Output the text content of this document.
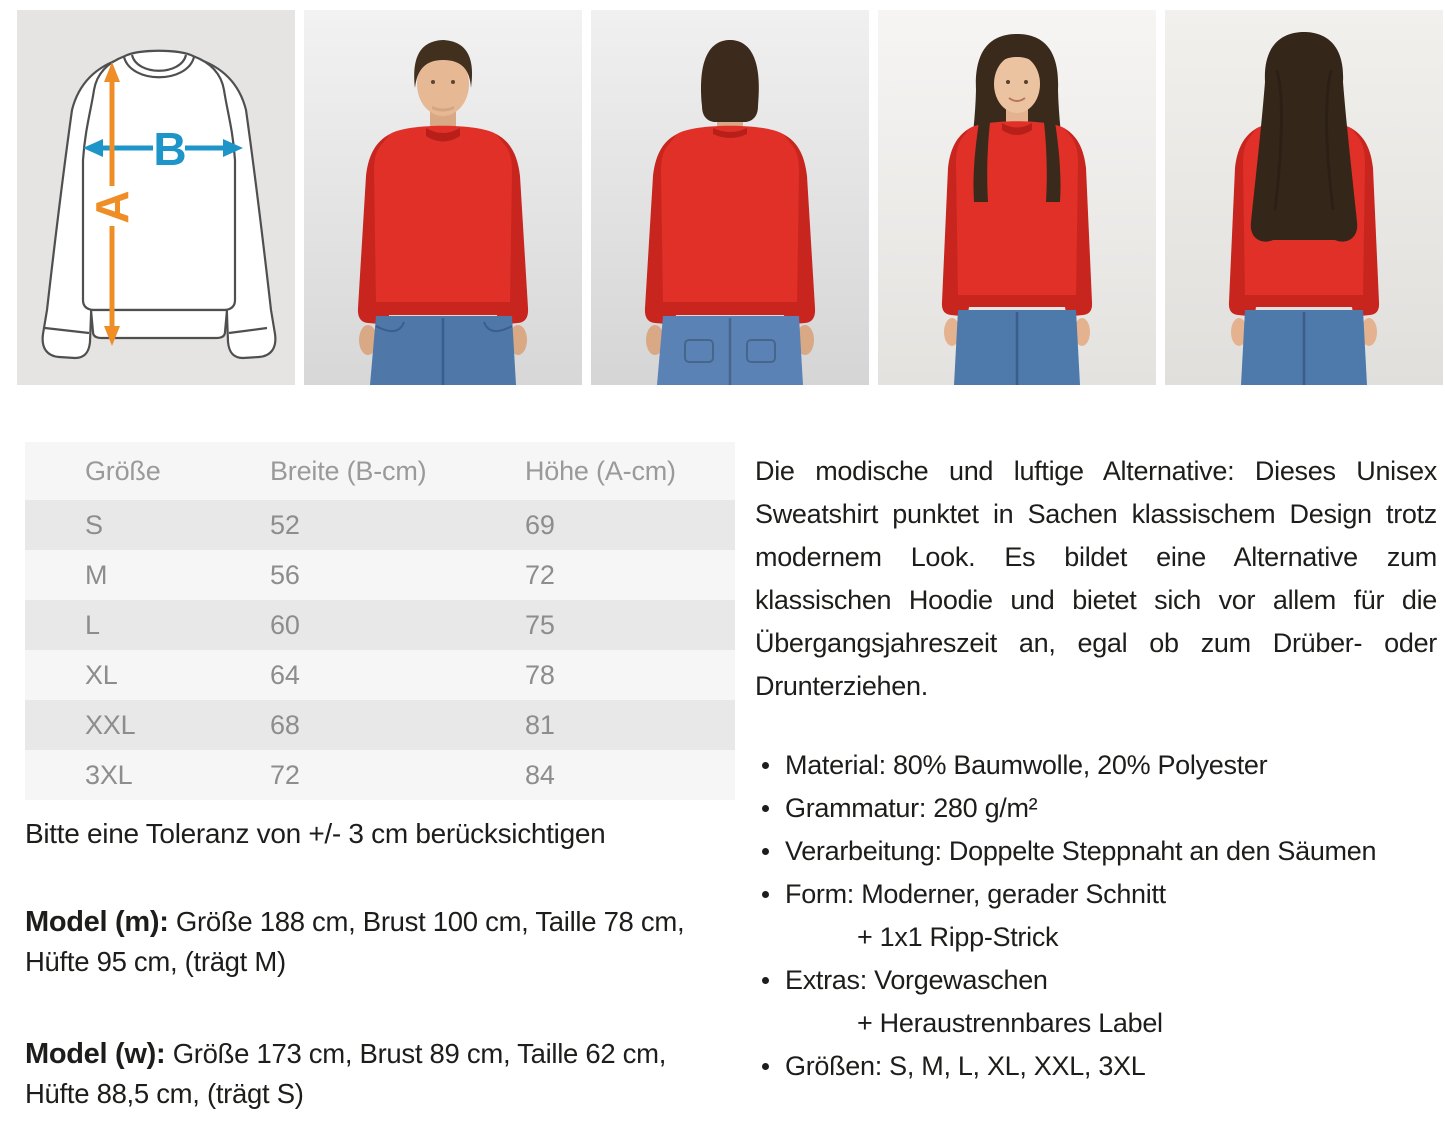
B
A
Größe	Breite (B-cm)	Höhe (A-cm)
S	52	69
M	56	72
L	60	75
XL	64	78
XXL	68	81
3XL	72	84

Bitte eine Toleranz von +/- 3 cm berücksichtigen

Model (m): Größe 188 cm, Brust 100 cm, Taille 78 cm, Hüfte 95 cm, (trägt M)

Model (w): Größe 173 cm, Brust 89 cm, Taille 62 cm, Hüfte 88,5 cm, (trägt S)

Die modische und luftige Alternative: Dieses Unisex Sweatshirt punktet in Sachen klassischem Design trotz modernem Look. Es bildet eine Alternative zum klassischen Hoodie und bietet sich vor allem für die Übergangsjahreszeit an, egal ob zum Drüber- oder Drunterziehen.

Material: 80% Baumwolle, 20% Polyester
Grammatur: 280 g/m²
Verarbeitung: Doppelte Steppnaht an den Säumen
Form: Moderner, gerader Schnitt
+ 1x1 Ripp-Strick
Extras: Vorgewaschen
+ Heraustrennbares Label
Größen: S, M, L, XL, XXL, 3XL
